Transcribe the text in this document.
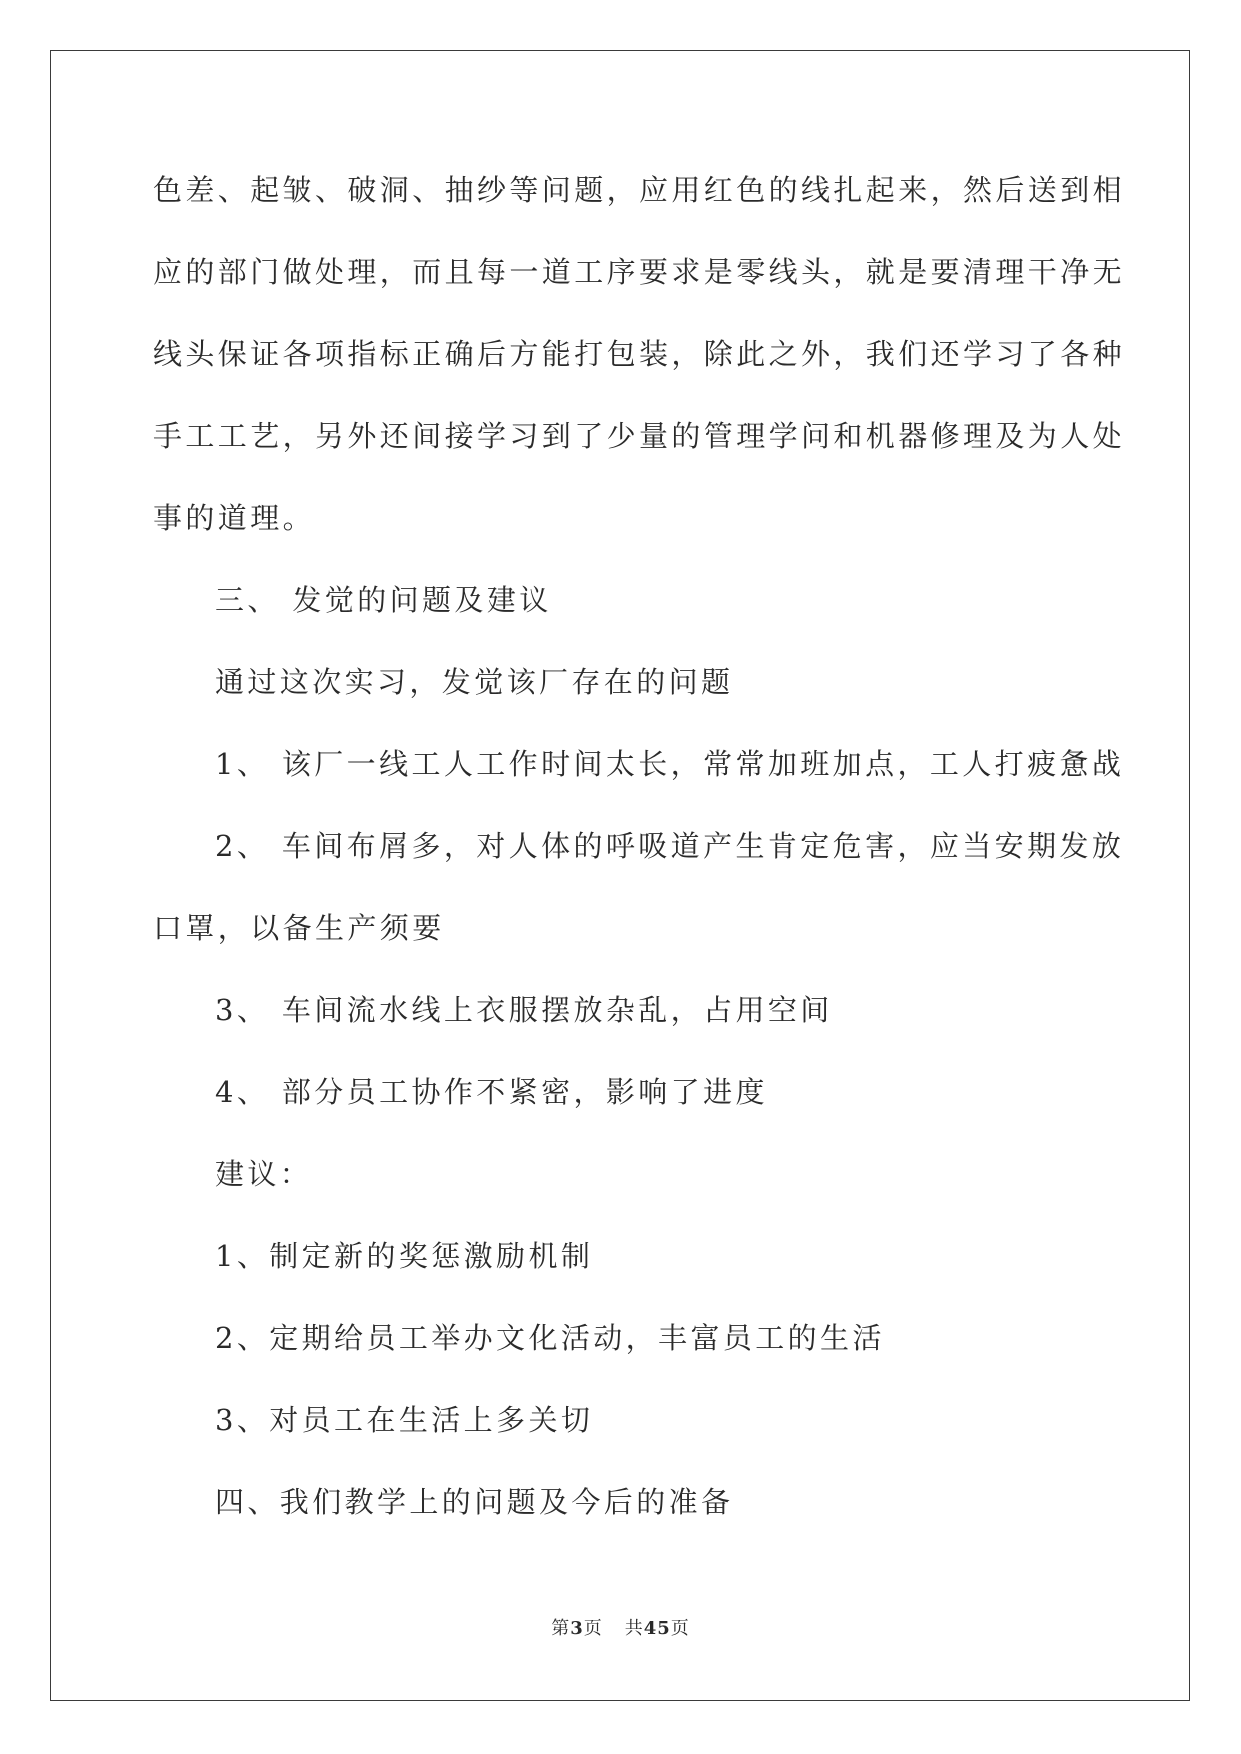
色差、起皱、破洞、抽纱等问题，应用红色的线扎起来，然后送到相
应的部门做处理，而且每一道工序要求是零线头，就是要清理干净无
线头保证各项指标正确后方能打包装，除此之外，我们还学习了各种
手工工艺，另外还间接学习到了少量的管理学问和机器修理及为人处
事的道理。
三、 发觉的问题及建议
通过这次实习，发觉该厂存在的问题
1、 该厂一线工人工作时间太长，常常加班加点，工人打疲惫战
2、 车间布屑多，对人体的呼吸道产生肯定危害，应当安期发放
口罩，以备生产须要
3、 车间流水线上衣服摆放杂乱，占用空间
4、 部分员工协作不紧密，影响了进度
建议：
1、制定新的奖惩激励机制
2、定期给员工举办文化活动，丰富员工的生活
3、对员工在生活上多关切
四、我们教学上的问题及今后的准备
第3页 共45页
